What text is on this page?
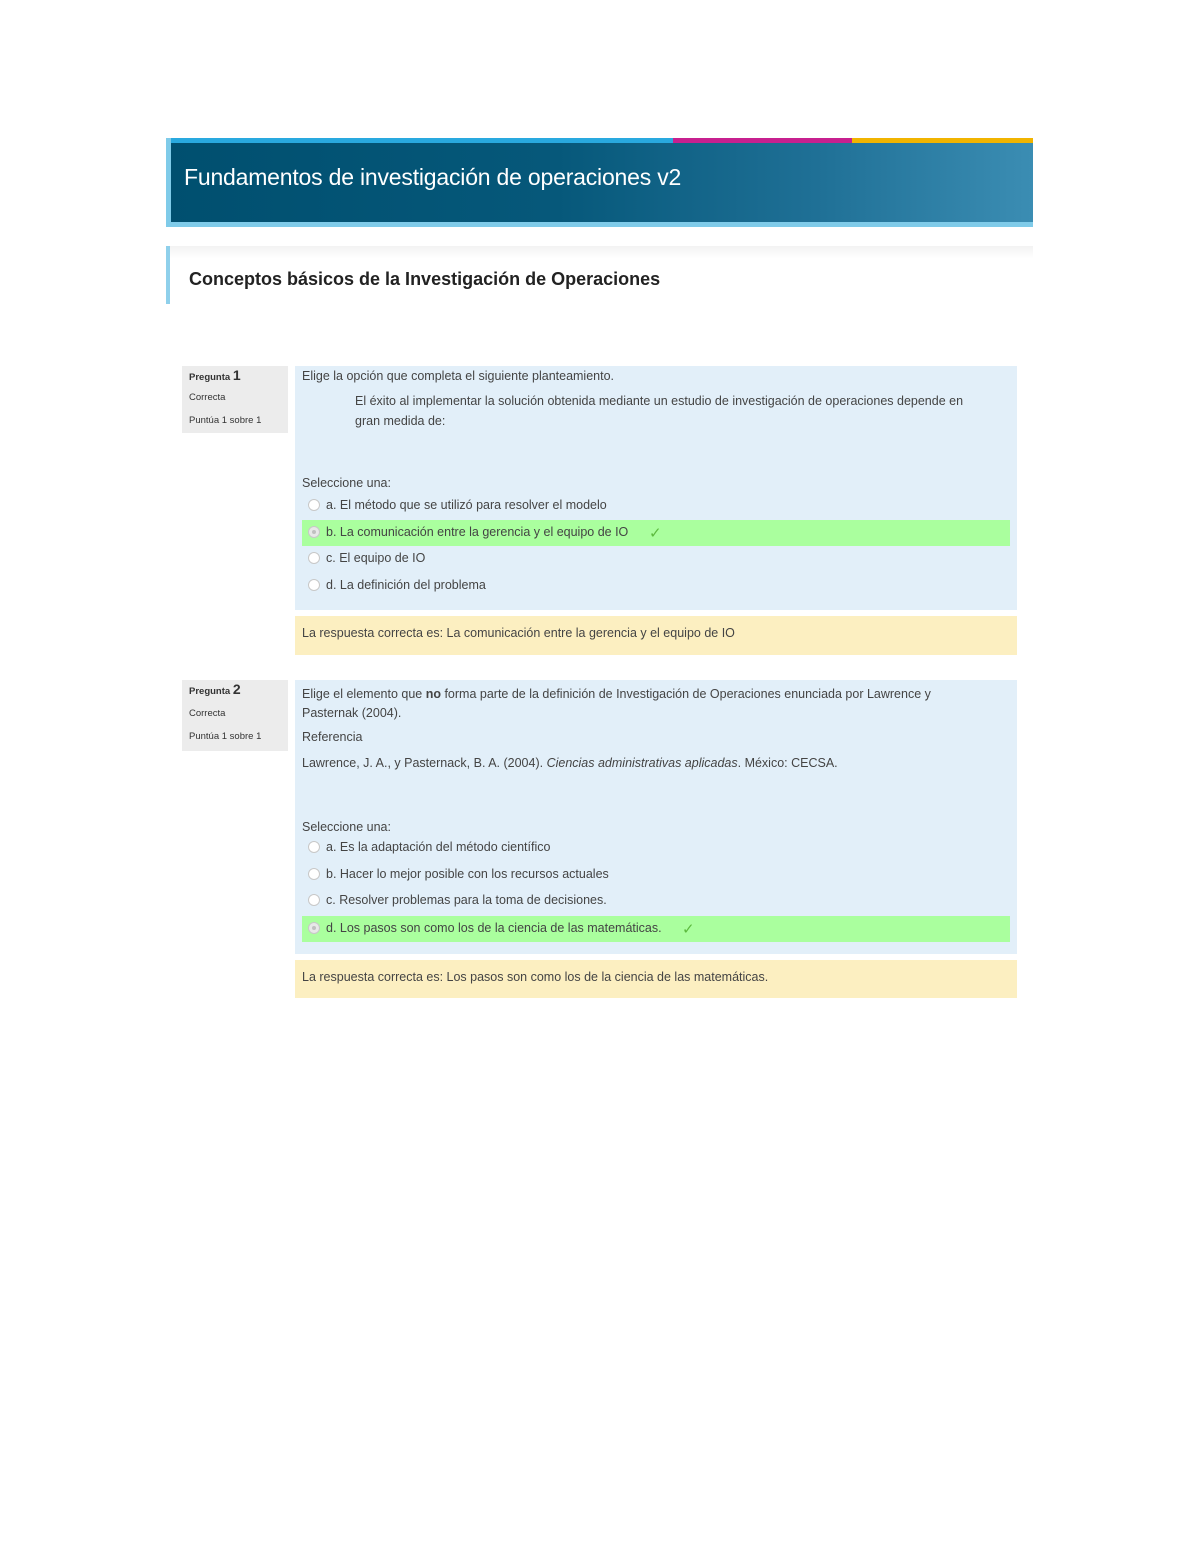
Fundamentos de investigación de operaciones v2
Conceptos básicos de la Investigación de Operaciones
Pregunta 1
Correcta
Puntúa 1 sobre 1
Elige la opción que completa el siguiente planteamiento.
El éxito al implementar la solución obtenida mediante un estudio de investigación de operaciones depende en
gran medida de:
Seleccione una:
a. El método que se utilizó para resolver el modelo
b. La comunicación entre la gerencia y el equipo de IO ✓
c. El equipo de IO
d. La definición del problema
La respuesta correcta es: La comunicación entre la gerencia y el equipo de IO
Pregunta 2
Correcta
Puntúa 1 sobre 1
Elige el elemento que no forma parte de la definición de Investigación de Operaciones enunciada por Lawrence y
Pasternak (2004).
Referencia
Lawrence, J. A., y Pasternack, B. A. (2004). Ciencias administrativas aplicadas. México: CECSA.
Seleccione una:
a. Es la adaptación del método científico
b. Hacer lo mejor posible con los recursos actuales
c. Resolver problemas para la toma de decisiones.
d. Los pasos son como los de la ciencia de las matemáticas. ✓
La respuesta correcta es: Los pasos son como los de la ciencia de las matemáticas.
